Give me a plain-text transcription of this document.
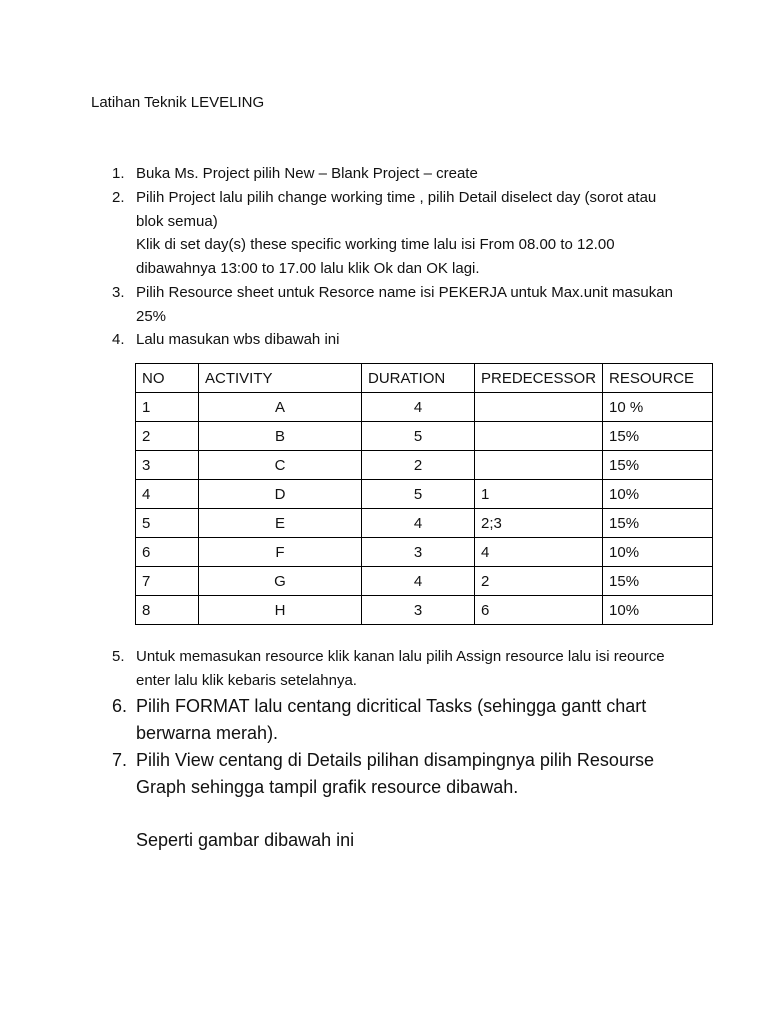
Latihan Teknik LEVELING
1. Buka Ms. Project pilih New – Blank Project – create
2. Pilih Project lalu pilih change working time , pilih Detail diselect day (sorot atau blok semua)
Klik di set day(s) these specific working time lalu isi From 08.00 to 12.00 dibawahnya 13:00 to 17.00 lalu klik Ok dan OK lagi.
3. Pilih Resource sheet untuk Resorce name isi PEKERJA untuk Max.unit masukan 25%
4. Lalu masukan wbs dibawah ini
NO	ACTIVITY	DURATION	PREDECESSOR	RESOURCE
1	A	4		10 %
2	B	5		15%
3	C	2		15%
4	D	5	1	10%
5	E	4	2;3	15%
6	F	3	4	10%
7	G	4	2	15%
8	H	3	6	10%
5. Untuk memasukan resource klik kanan lalu pilih Assign resource lalu isi reource enter lalu klik kebaris setelahnya.
6. Pilih FORMAT lalu centang dicritical Tasks (sehingga gantt chart berwarna merah).
7. Pilih View centang di Details pilihan disampingnya pilih Resourse Graph sehingga tampil grafik resource dibawah.
Seperti gambar dibawah ini
